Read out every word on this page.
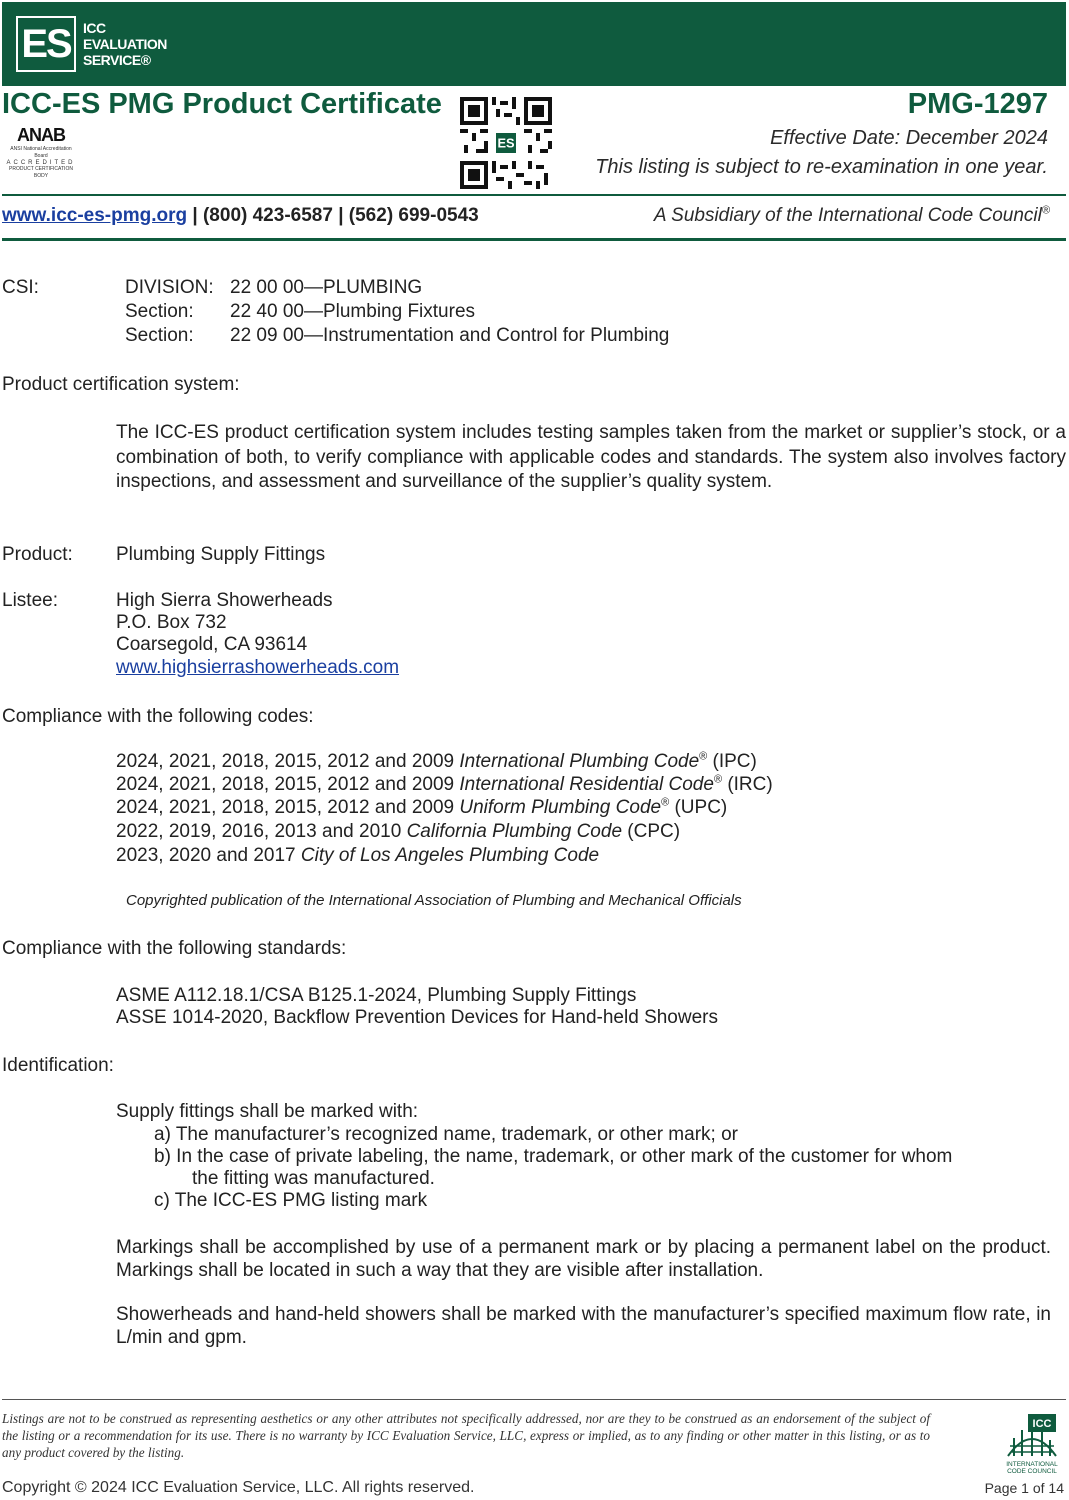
ES ICC
EVALUATION
SERVICE®
ICC-ES PMG Product Certificate	PMG-1297
Effective Date: December 2024
This listing is subject to re-examination in one year.
ANAB
ANSI National Accreditation Board
ACCREDITED
PRODUCT CERTIFICATION BODY
ES
www.icc-es-pmg.org | (800) 423-6587 | (562) 699-0543	A Subsidiary of the International Code Council®
CSI:	DIVISION: 22 00 00—PLUMBING
Section: 22 40 00—Plumbing Fixtures
Section: 22 09 00—Instrumentation and Control for Plumbing
Product certification system:
The ICC-ES product certification system includes testing samples taken from the market or supplier’s stock, or a combination of both, to verify compliance with applicable codes and standards. The system also involves factory inspections, and assessment and surveillance of the supplier’s quality system.
Product: Plumbing Supply Fittings
Listee:	High Sierra Showerheads
P.O. Box 732
Coarsegold, CA 93614
www.highsierrashowerheads.com
Compliance with the following codes:
2024, 2021, 2018, 2015, 2012 and 2009 International Plumbing Code® (IPC)
2024, 2021, 2018, 2015, 2012 and 2009 International Residential Code® (IRC)
2024, 2021, 2018, 2015, 2012 and 2009 Uniform Plumbing Code® (UPC)
2022, 2019, 2016, 2013 and 2010 California Plumbing Code (CPC)
2023, 2020 and 2017 City of Los Angeles Plumbing Code
Copyrighted publication of the International Association of Plumbing and Mechanical Officials
Compliance with the following standards:
ASME A112.18.1/CSA B125.1-2024, Plumbing Supply Fittings
ASSE 1014-2020, Backflow Prevention Devices for Hand-held Showers
Identification:
Supply fittings shall be marked with:
a) The manufacturer’s recognized name, trademark, or other mark; or
b) In the case of private labeling, the name, trademark, or other mark of the customer for whom
the fitting was manufactured.
c) The ICC-ES PMG listing mark
Markings shall be accomplished by use of a permanent mark or by placing a permanent label on the product. Markings shall be located in such a way that they are visible after installation.
Showerheads and hand-held showers shall be marked with the manufacturer’s specified maximum flow rate, in L/min and gpm.
Listings are not to be construed as representing aesthetics or any other attributes not specifically addressed, nor are they to be construed as an endorsement of the subject of the listing or a recommendation for its use. There is no warranty by ICC Evaluation Service, LLC, express or implied, as to any finding or other matter in this listing, or as to any product covered by the listing.
Copyright © 2024 ICC Evaluation Service, LLC. All rights reserved.
ICC
INTERNATIONAL
CODE COUNCIL
Page 1 of 14
